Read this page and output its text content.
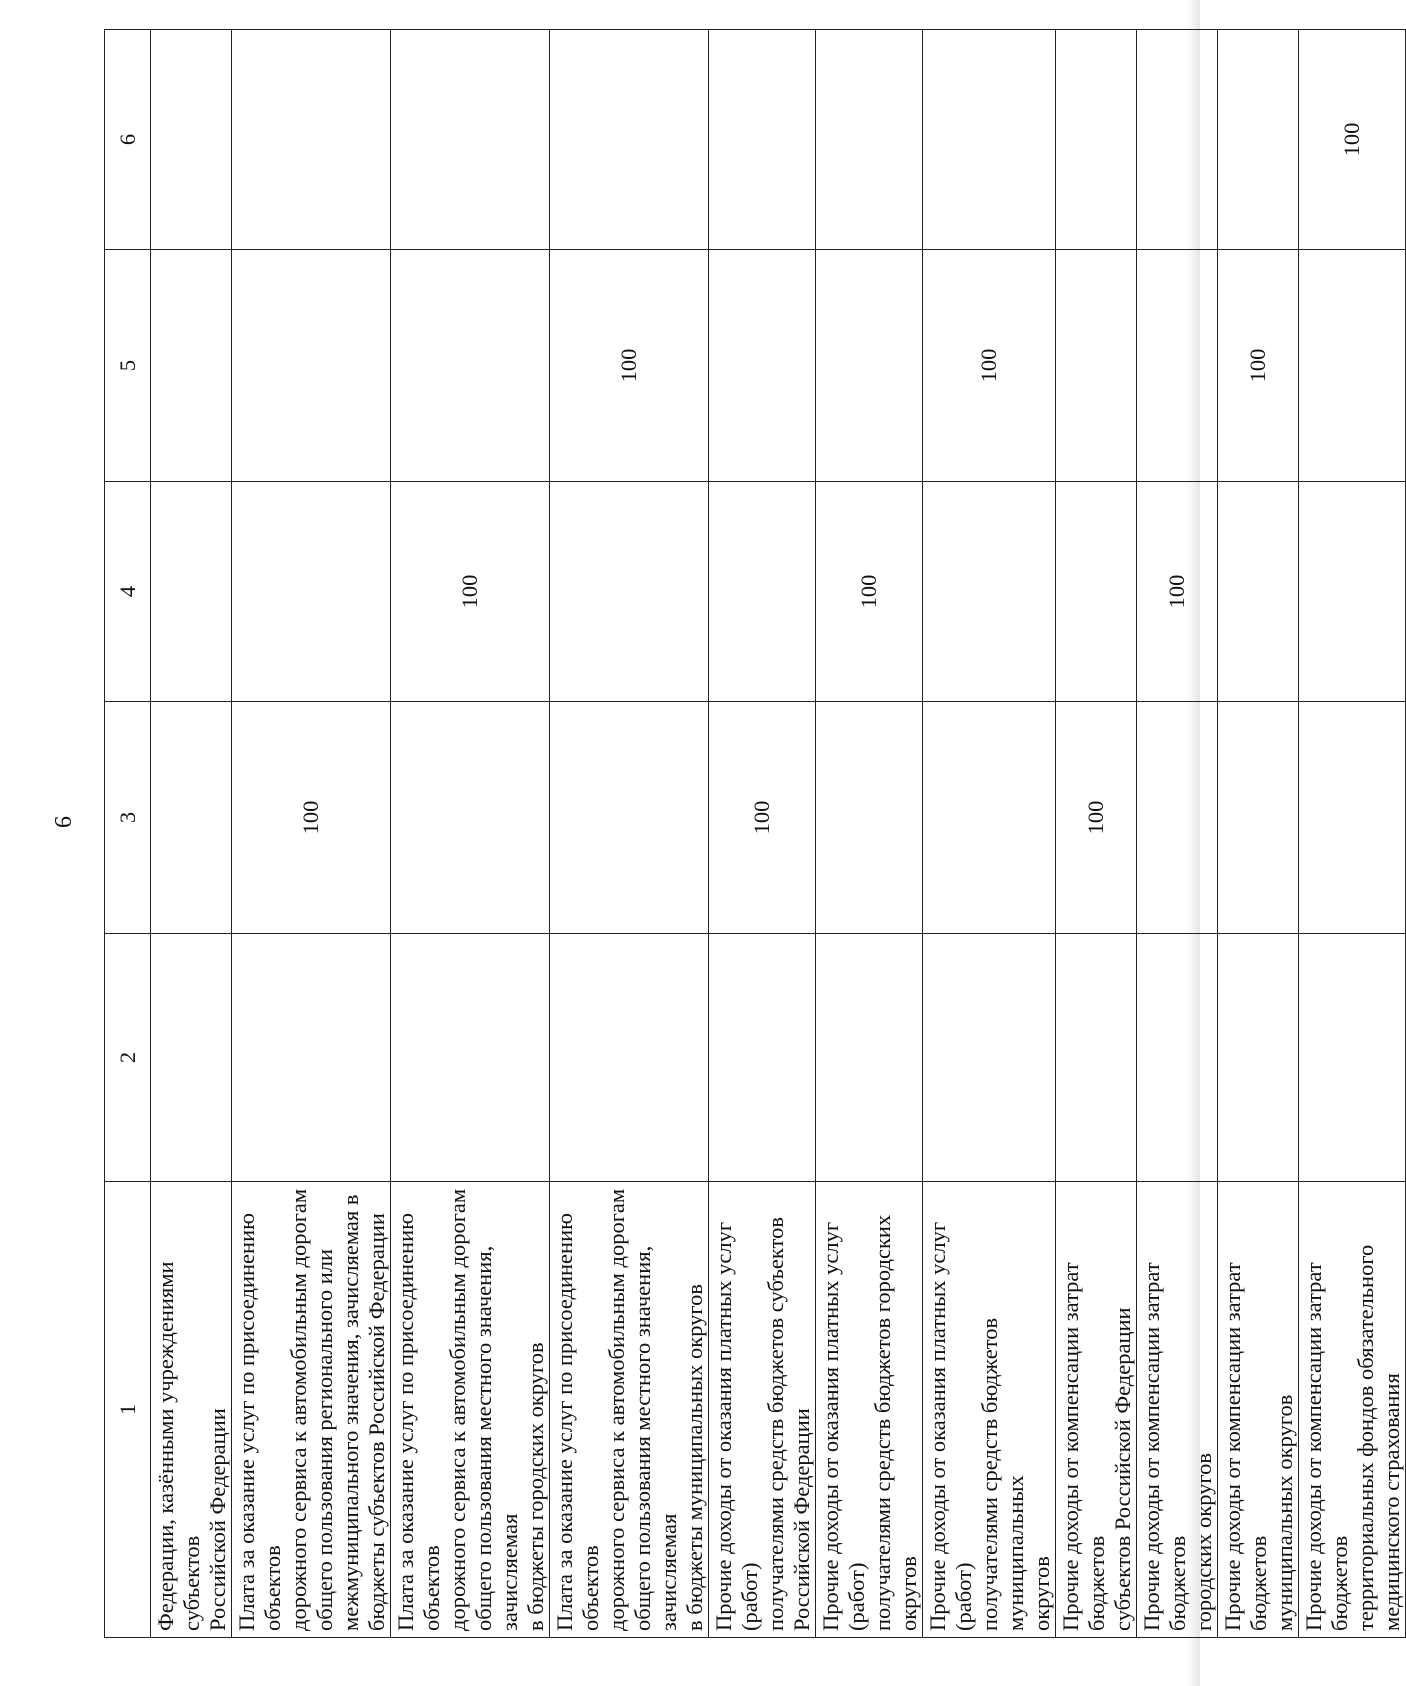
9
1	2	3	4	5	6

Федерации, казёнными учреждениями субъектов Российской Федерации					

Плата за оказание услуг по присоединению объектов дорожного сервиса к автомобильным дорогам общего пользования регионального или межмуниципального значения, зачисляемая в бюджеты субъектов Российской Федерации		100			

Плата за оказание услуг по присоединению объектов дорожного сервиса к автомобильным дорогам общего пользования местного значения, зачисляемая в бюджеты городских округов			100		

Плата за оказание услуг по присоединению объектов дорожного сервиса к автомобильным дорогам общего пользования местного значения, зачисляемая в бюджеты муниципальных округов				100	

Прочие доходы от оказания платных услуг (работ) получателями средств бюджетов субъектов Российской Федерации		100			

Прочие доходы от оказания платных услуг (работ) получателями средств бюджетов городских округов			100		

Прочие доходы от оказания платных услуг (работ) получателями средств бюджетов муниципальных округов				100	

Прочие доходы от компенсации затрат бюджетов субъектов Российской Федерации		100			

Прочие доходы от компенсации затрат бюджетов городских округов			100		

Прочие доходы от компенсации затрат бюджетов муниципальных округов				100	

Прочие доходы от компенсации затрат бюджетов территориальных фондов обязательного медицинского страхования					100
